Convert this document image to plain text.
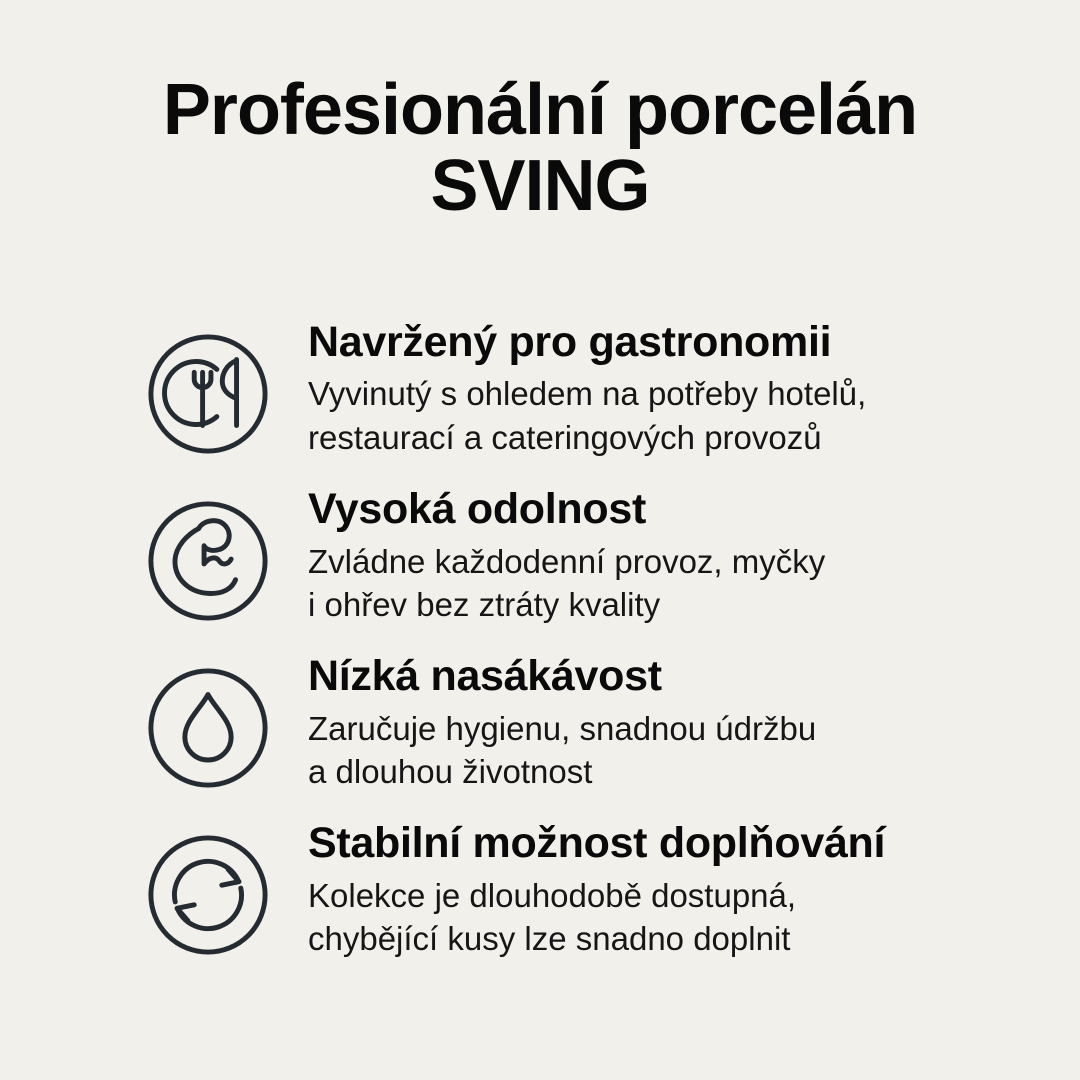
Profesionální porcelán
SVING
Navržený pro gastronomii
Vyvinutý s ohledem na potřeby hotelů,
restaurací a cateringových provozů
Vysoká odolnost
Zvládne každodenní provoz, myčky
i ohřev bez ztráty kvality
Nízká nasákávost
Zaručuje hygienu, snadnou údržbu
a dlouhou životnost
Stabilní možnost doplňování
Kolekce je dlouhodobě dostupná,
chybějící kusy lze snadno doplnit
